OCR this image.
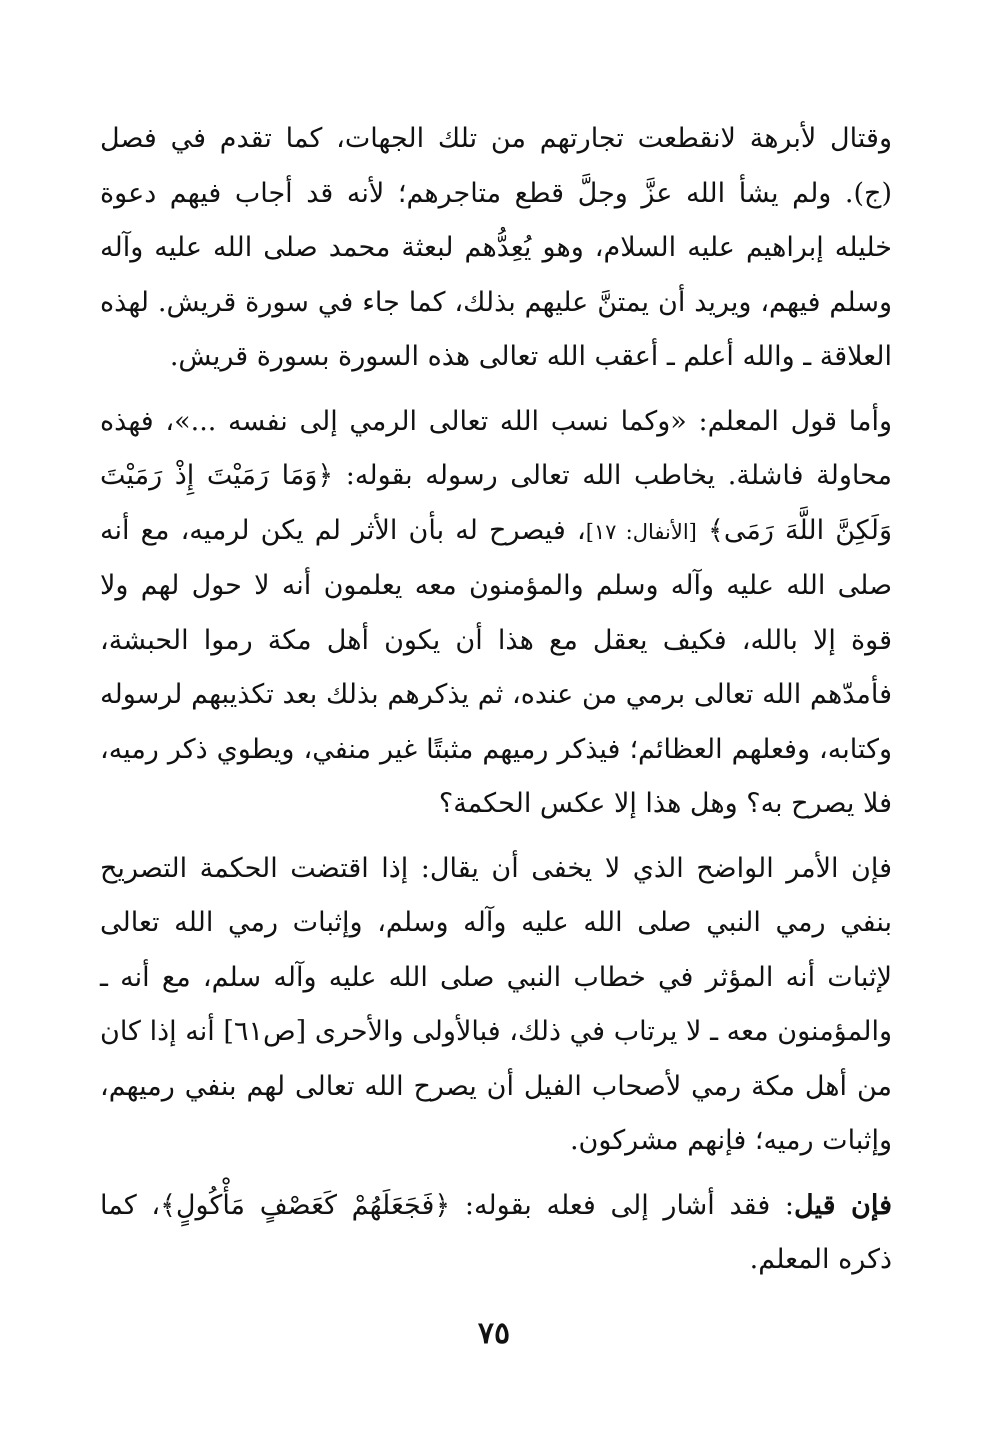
وقتال لأبرهة لانقطعت تجارتهم من تلك الجهات، كما تقدم في فصل (ج). ولم يشأ الله عزَّ وجلَّ قطع متاجرهم؛ لأنه قد أجاب فيهم دعوة خليله إبراهيم عليه السلام، وهو يُعِدُّهم لبعثة محمد صلى الله عليه وآله وسلم فيهم، ويريد أن يمتنَّ عليهم بذلك، كما جاء في سورة قريش. لهذه العلاقة ـ والله أعلم ـ أعقب الله تعالى هذه السورة بسورة قريش.

وأما قول المعلم: «وكما نسب الله تعالى الرمي إلى نفسه ...»، فهذه محاولة فاشلة. يخاطب الله تعالى رسوله بقوله: ﴿وَمَا رَمَيْتَ إِذْ رَمَيْتَ وَلَكِنَّ اللَّهَ رَمَى﴾ [الأنفال: ١٧]، فيصرح له بأن الأثر لم يكن لرميه، مع أنه صلى الله عليه وآله وسلم والمؤمنون معه يعلمون أنه لا حول لهم ولا قوة إلا بالله، فكيف يعقل مع هذا أن يكون أهل مكة رموا الحبشة، فأمدّهم الله تعالى برمي من عنده، ثم يذكرهم بذلك بعد تكذيبهم لرسوله وكتابه، وفعلهم العظائم؛ فيذكر رميهم مثبتًا غير منفي، ويطوي ذكر رميه، فلا يصرح به؟ وهل هذا إلا عكس الحكمة؟

فإن الأمر الواضح الذي لا يخفى أن يقال: إذا اقتضت الحكمة التصريح بنفي رمي النبي صلى الله عليه وآله وسلم، وإثبات رمي الله تعالى لإثبات أنه المؤثر في خطاب النبي صلى الله عليه وآله سلم، مع أنه ـ والمؤمنون معه ـ لا يرتاب في ذلك، فبالأولى والأحرى [ص٦١] أنه إذا كان من أهل مكة رمي لأصحاب الفيل أن يصرح الله تعالى لهم بنفي رميهم، وإثبات رميه؛ فإنهم مشركون.

فإن قيل: فقد أشار إلى فعله بقوله: ﴿فَجَعَلَهُمْ كَعَصْفٍ مَأْكُولٍ﴾، كما ذكره المعلم.

٧٥
